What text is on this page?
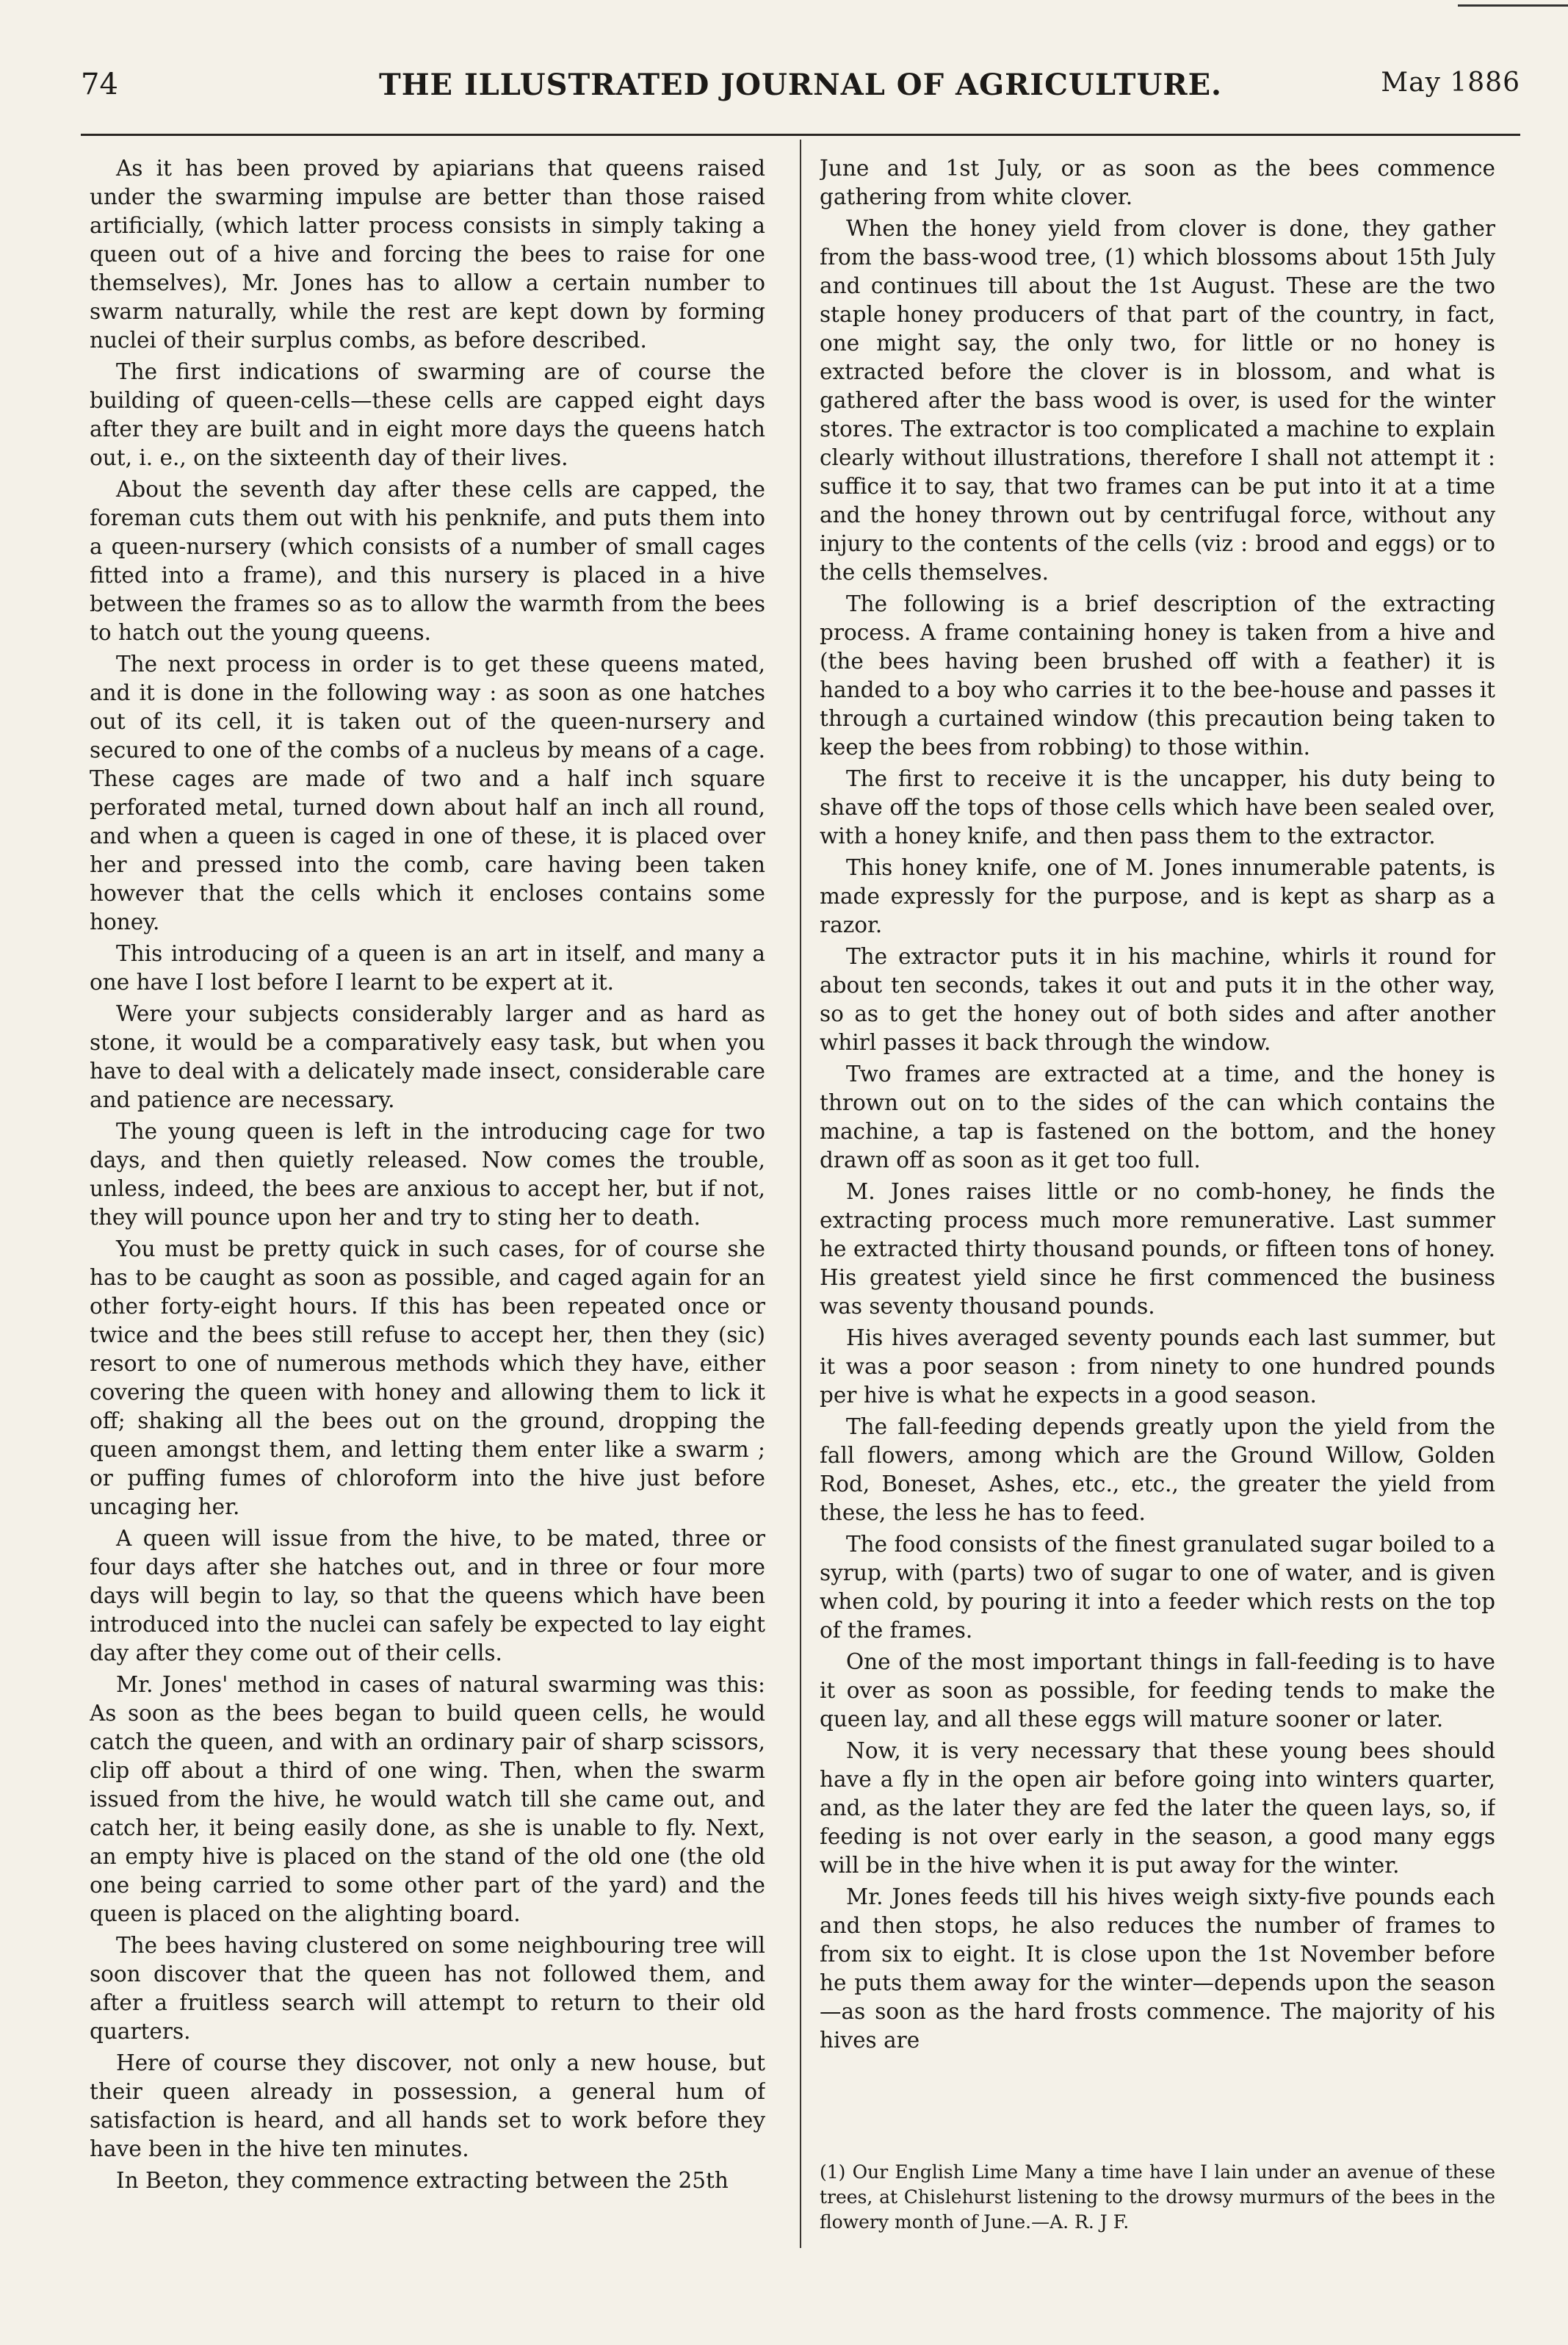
74	THE ILLUSTRATED JOURNAL OF AGRICULTURE.	May 1886

As it has been proved by apiarians that queens raised under the swarming impulse are better than those raised artificially, (which latter process consists in simply taking a queen out of a hive and forcing the bees to raise for one themselves), Mr. Jones has to allow a certain number to swarm naturally, while the rest are kept down by forming nuclei of their surplus combs, as before described.

The first indications of swarming are of course the building of queen-cells—these cells are capped eight days after they are built and in eight more days the queens hatch out, i. e., on the sixteenth day of their lives.

About the seventh day after these cells are capped, the foreman cuts them out with his penknife, and puts them into a queen-nursery (which consists of a number of small cages fitted into a frame), and this nursery is placed in a hive between the frames so as to allow the warmth from the bees to hatch out the young queens.

The next process in order is to get these queens mated, and it is done in the following way : as soon as one hatches out of its cell, it is taken out of the queen-nursery and secured to one of the combs of a nucleus by means of a cage. These cages are made of two and a half inch square perforated metal, turned down about half an inch all round, and when a queen is caged in one of these, it is placed over her and pressed into the comb, care having been taken however that the cells which it encloses contains some honey.

This introducing of a queen is an art in itself, and many a one have I lost before I learnt to be expert at it.

Were your subjects considerably larger and as hard as stone, it would be a comparatively easy task, but when you have to deal with a delicately made insect, considerable care and patience are necessary.

The young queen is left in the introducing cage for two days, and then quietly released. Now comes the trouble, unless, indeed, the bees are anxious to accept her, but if not, they will pounce upon her and try to sting her to death.

You must be pretty quick in such cases, for of course she has to be caught as soon as possible, and caged again for an other forty-eight hours. If this has been repeated once or twice and the bees still refuse to accept her, then they (sic) resort to one of numerous methods which they have, either covering the queen with honey and allowing them to lick it off; shaking all the bees out on the ground, dropping the queen amongst them, and letting them enter like a swarm ; or puffing fumes of chloroform into the hive just before uncaging her.

A queen will issue from the hive, to be mated, three or four days after she hatches out, and in three or four more days will begin to lay, so that the queens which have been introduced into the nuclei can safely be expected to lay eight day after they come out of their cells.

Mr. Jones' method in cases of natural swarming was this: As soon as the bees began to build queen cells, he would catch the queen, and with an ordinary pair of sharp scissors, clip off about a third of one wing. Then, when the swarm issued from the hive, he would watch till she came out, and catch her, it being easily done, as she is unable to fly. Next, an empty hive is placed on the stand of the old one (the old one being carried to some other part of the yard) and the queen is placed on the alighting board.

The bees having clustered on some neighbouring tree will soon discover that the queen has not followed them, and after a fruitless search will attempt to return to their old quarters.

Here of course they discover, not only a new house, but their queen already in possession, a general hum of satisfaction is heard, and all hands set to work before they have been in the hive ten minutes.

In Beeton, they commence extracting between the 25th

June and 1st July, or as soon as the bees commence gathering from white clover.

When the honey yield from clover is done, they gather from the bass-wood tree, (1) which blossoms about 15th July and continues till about the 1st August. These are the two staple honey producers of that part of the country, in fact, one might say, the only two, for little or no honey is extracted before the clover is in blossom, and what is gathered after the bass wood is over, is used for the winter stores. The extractor is too complicated a machine to explain clearly without illustrations, therefore I shall not attempt it : suffice it to say, that two frames can be put into it at a time and the honey thrown out by centrifugal force, without any injury to the contents of the cells (viz : brood and eggs) or to the cells themselves.

The following is a brief description of the extracting process. A frame containing honey is taken from a hive and (the bees having been brushed off with a feather) it is handed to a boy who carries it to the bee-house and passes it through a curtained window (this precaution being taken to keep the bees from robbing) to those within.

The first to receive it is the uncapper, his duty being to shave off the tops of those cells which have been sealed over, with a honey knife, and then pass them to the extractor.

This honey knife, one of M. Jones innumerable patents, is made expressly for the purpose, and is kept as sharp as a razor.

The extractor puts it in his machine, whirls it round for about ten seconds, takes it out and puts it in the other way, so as to get the honey out of both sides and after another whirl passes it back through the window.

Two frames are extracted at a time, and the honey is thrown out on to the sides of the can which contains the machine, a tap is fastened on the bottom, and the honey drawn off as soon as it get too full.

M. Jones raises little or no comb-honey, he finds the extracting process much more remunerative. Last summer he extracted thirty thousand pounds, or fifteen tons of honey. His greatest yield since he first commenced the business was seventy thousand pounds.

His hives averaged seventy pounds each last summer, but it was a poor season : from ninety to one hundred pounds per hive is what he expects in a good season.

The fall-feeding depends greatly upon the yield from the fall flowers, among which are the Ground Willow, Golden Rod, Boneset, Ashes, etc., etc., the greater the yield from these, the less he has to feed.

The food consists of the finest granulated sugar boiled to a syrup, with (parts) two of sugar to one of water, and is given when cold, by pouring it into a feeder which rests on the top of the frames.

One of the most important things in fall-feeding is to have it over as soon as possible, for feeding tends to make the queen lay, and all these eggs will mature sooner or later.

Now, it is very necessary that these young bees should have a fly in the open air before going into winters quarter, and, as the later they are fed the later the queen lays, so, if feeding is not over early in the season, a good many eggs will be in the hive when it is put away for the winter.

Mr. Jones feeds till his hives weigh sixty-five pounds each and then stops, he also reduces the number of frames to from six to eight. It is close upon the 1st November before he puts them away for the winter—depends upon the season—as soon as the hard frosts commence. The majority of his hives are

(1) Our English Lime Many a time have I lain under an avenue of these trees, at Chislehurst listening to the drowsy murmurs of the bees in the flowery month of June.—A. R. J F.
